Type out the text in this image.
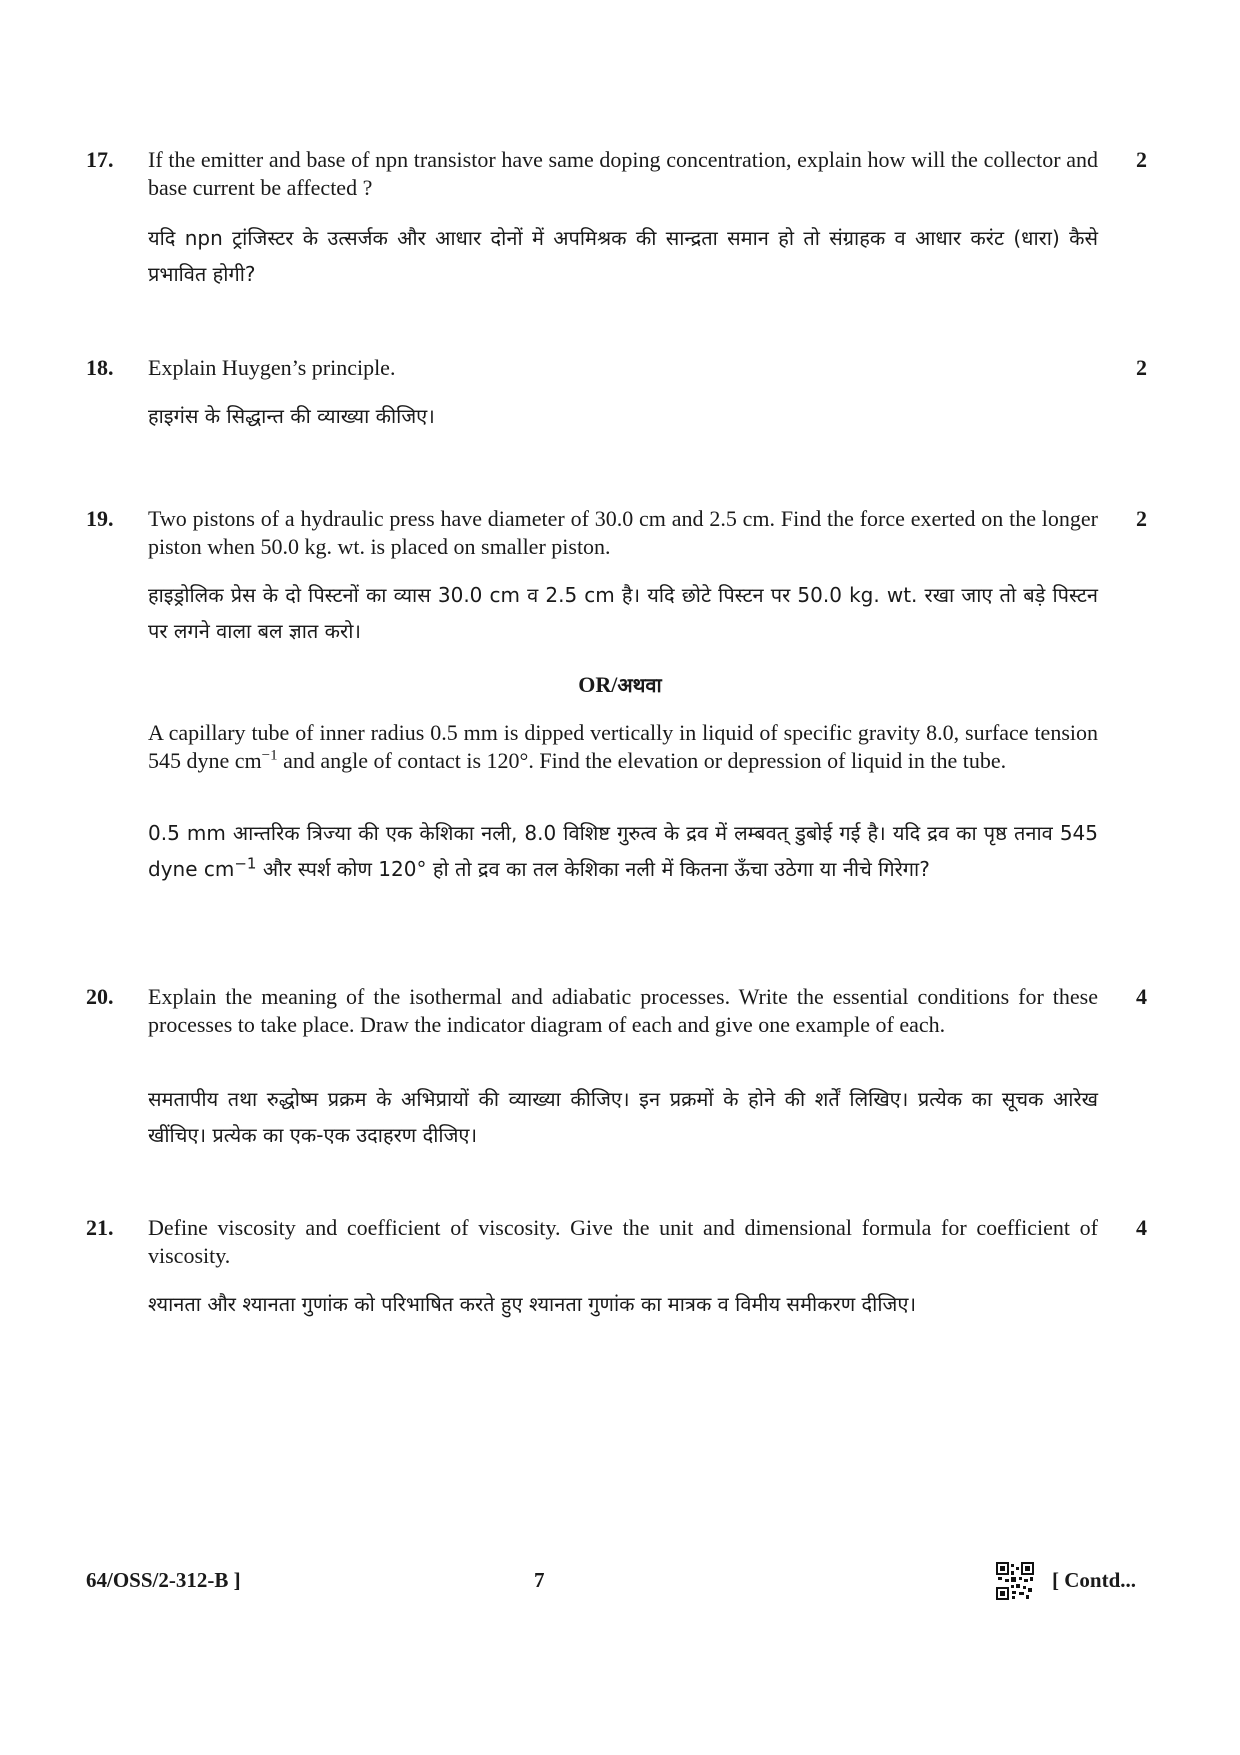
17. If the emitter and base of npn transistor have same doping concentration, explain how will the collector and base current be affected ?
2
यदि npn ट्रांजिस्टर के उत्सर्जक और आधार दोनों में अपमिश्रक की सान्द्रता समान हो तो संग्राहक व आधार करंट (धारा) कैसे प्रभावित होगी?
18. Explain Huygen’s principle.	2
हाइगंस के सिद्धान्त की व्याख्या कीजिए।
19. Two pistons of a hydraulic press have diameter of 30.0 cm and 2.5 cm. Find the force exerted on the longer piston when 50.0 kg. wt. is placed on smaller piston.
2
हाइड्रोलिक प्रेस के दो पिस्टनों का व्यास 30.0 cm व 2.5 cm है। यदि छोटे पिस्टन पर 50.0 kg. wt. रखा जाए तो बड़े पिस्टन पर लगने वाला बल ज्ञात करो।
OR/अथवा
A capillary tube of inner radius 0.5 mm is dipped vertically in liquid of specific gravity 8.0, surface tension 545 dyne $cm^{-1}$ and angle of contact is 120°. Find the elevation or depression of liquid in the tube.
0.5 mm आन्तरिक त्रिज्या की एक केशिका नली, 8.0 विशिष्ट गुरुत्व के द्रव में लम्बवत् डुबोई गई है। यदि द्रव का पृष्ठ तनाव 545 dyne $cm^{-1}$ और स्पर्श कोण 120° हो तो द्रव का तल केशिका नली में कितना ऊँचा उठेगा या नीचे गिरेगा?
20. Explain the meaning of the isothermal and adiabatic processes. Write the essential conditions for these processes to take place. Draw the indicator diagram of each and give one example of each.
4
समतापीय तथा रुद्धोष्म प्रक्रम के अभिप्रायों की व्याख्या कीजिए। इन प्रक्रमों के होने की शर्तें लिखिए। प्रत्येक का सूचक आरेख खींचिए। प्रत्येक का एक-एक उदाहरण दीजिए।
21. Define viscosity and coefficient of viscosity. Give the unit and dimensional formula for coefficient of viscosity.
4
श्यानता और श्यानता गुणांक को परिभाषित करते हुए श्यानता गुणांक का मात्रक व विमीय समीकरण दीजिए।
64/OSS/2-312-B ]	7	[ Contd...
